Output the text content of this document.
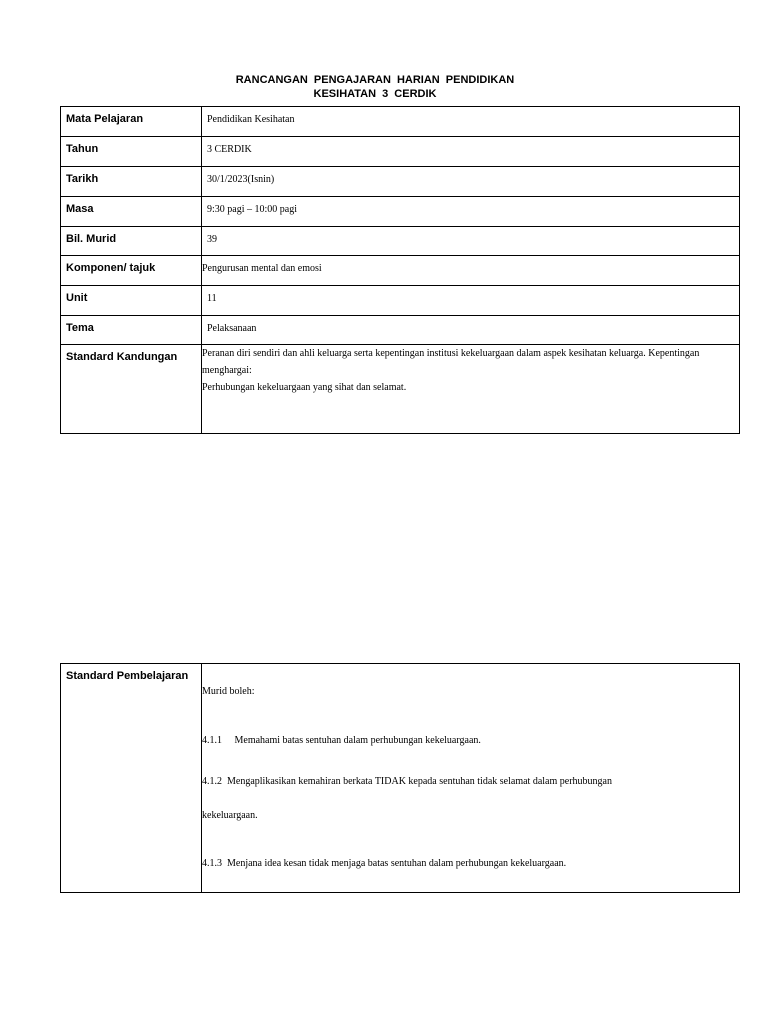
RANCANGAN PENGAJARAN HARIAN PENDIDIKAN
KESIHATAN 3 CERDIK
Mata Pelajaran	Pendidikan Kesihatan
Tahun	3 CERDIK
Tarikh	30/1/2023(Isnin)
Masa	9:30 pagi – 10:00 pagi
Bil. Murid	39
Komponen/ tajuk	Pengurusan mental dan emosi
Unit	11
Tema	Pelaksanaan
Standard Kandungan	Peranan diri sendiri dan ahli keluarga serta kepentingan institusi kekeluargaan dalam aspek kesihatan keluarga. Kepentingan
menghargai:
Perhubungan kekeluargaan yang sihat dan selamat.
Standard Pembelajaran	

Murid boleh:

4.1.1     Memahami batas sentuhan dalam perhubungan kekeluargaan.

4.1.2  Mengaplikasikan kemahiran berkata TIDAK kepada sentuhan tidak selamat dalam perhubungan

kekeluargaan.

4.1.3  Menjana idea kesan tidak menjaga batas sentuhan dalam perhubungan kekeluargaan.
